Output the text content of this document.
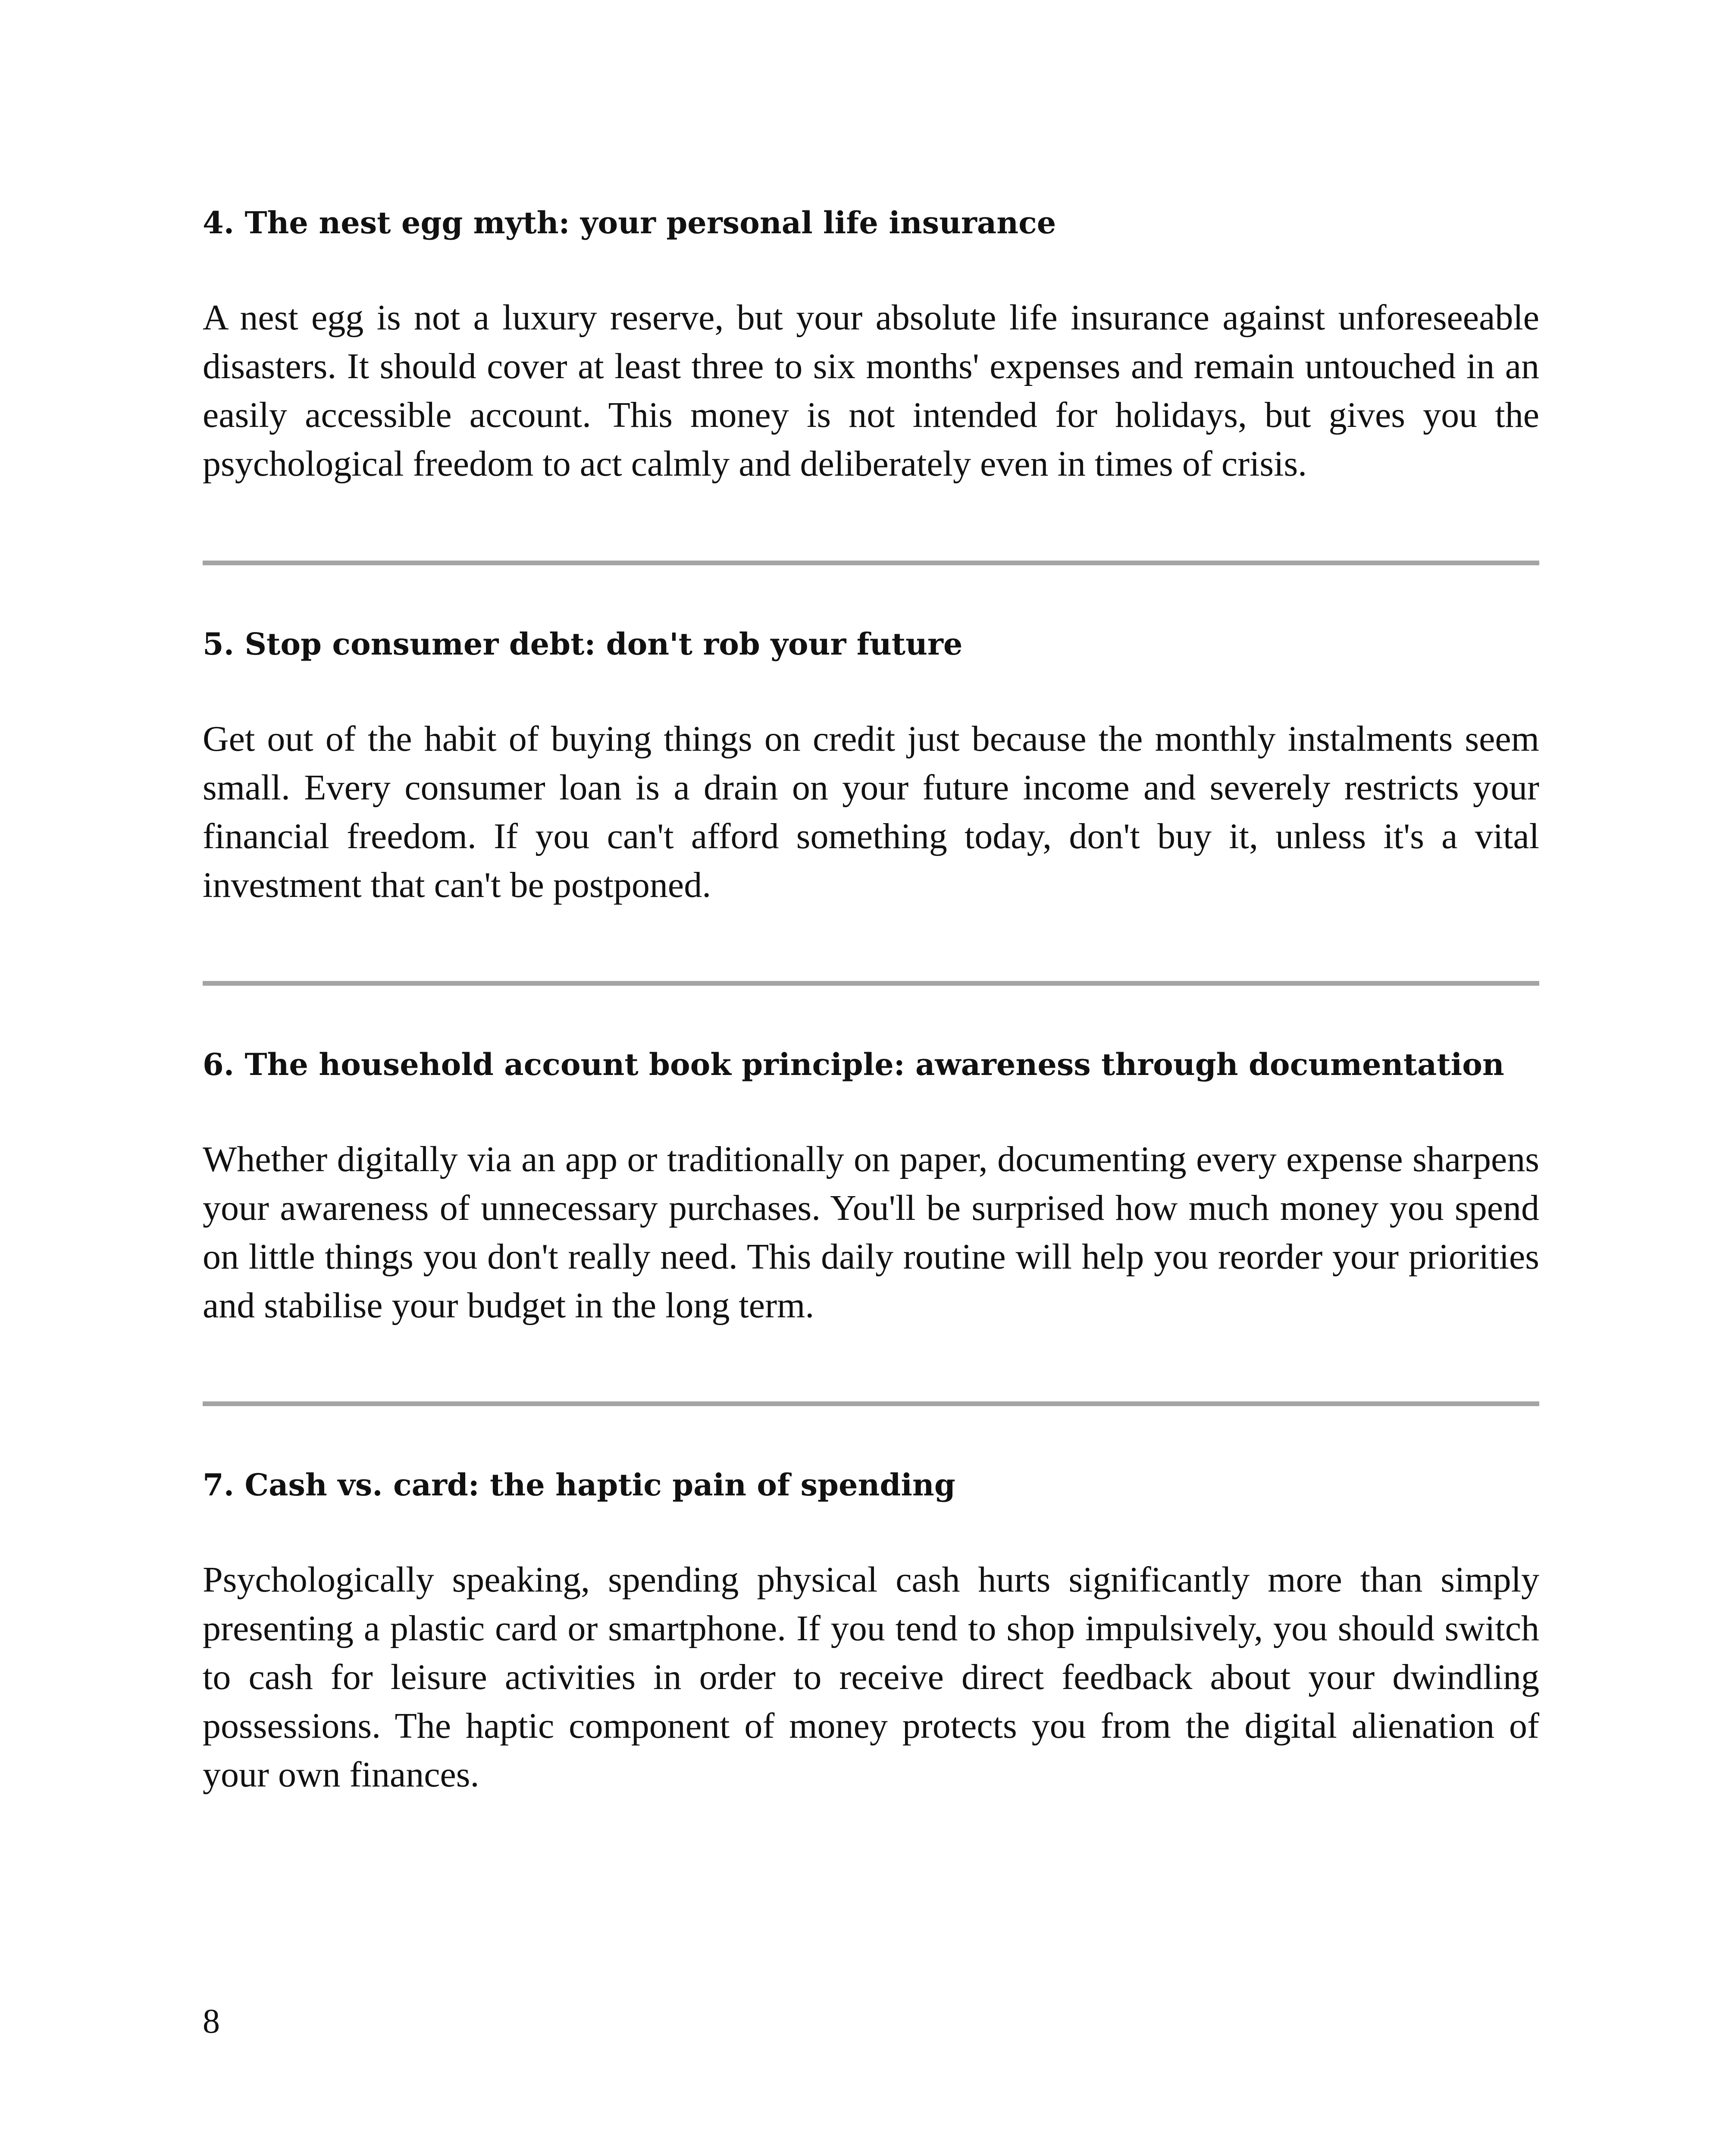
4. The nest egg myth: your personal life insurance

A nest egg is not a luxury reserve, but your absolute life insurance against unforeseeable disasters. It should cover at least three to six months' expenses and remain untouched in an easily accessible account. This money is not intended for holidays, but gives you the psychological freedom to act calmly and deliberately even in times of crisis.

5. Stop consumer debt: don't rob your future

Get out of the habit of buying things on credit just because the monthly instalments seem small. Every consumer loan is a drain on your future income and severely restricts your financial freedom. If you can't afford something today, don't buy it, unless it's a vital investment that can't be postponed.

6. The household account book principle: awareness through documentation

Whether digitally via an app or traditionally on paper, documenting every expense sharpens your awareness of unnecessary purchases. You'll be surprised how much money you spend on little things you don't really need. This daily routine will help you reorder your priorities and stabilise your budget in the long term.

7. Cash vs. card: the haptic pain of spending

Psychologically speaking, spending physical cash hurts significantly more than simply presenting a plastic card or smartphone. If you tend to shop impulsively, you should switch to cash for leisure activities in order to receive direct feedback about your dwindling possessions. The haptic component of money protects you from the digital alienation of your own finances.

8
